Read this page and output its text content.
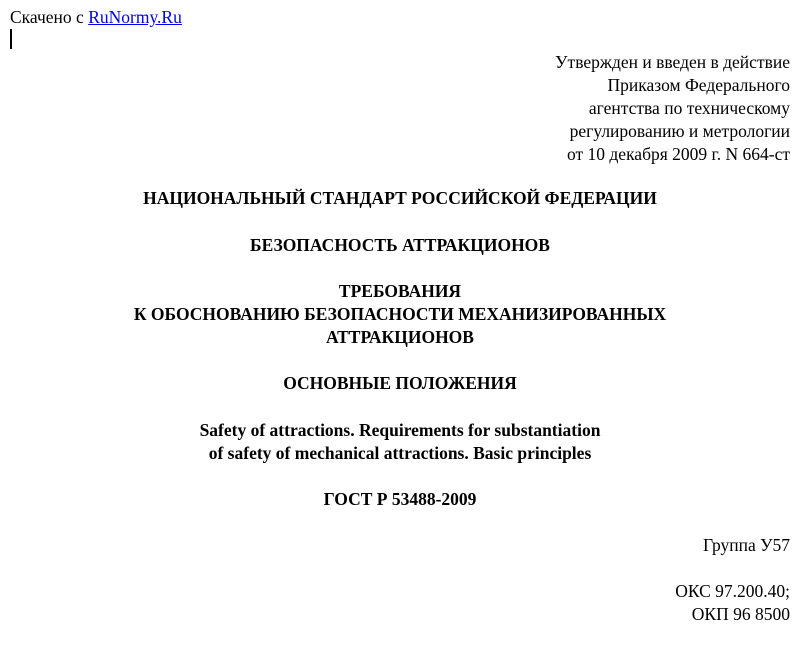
Скачено с RuNormy.Ru
Утвержден и введен в действие
Приказом Федерального
агентства по техническому
регулированию и метрологии
от 10 декабря 2009 г. N 664-ст
НАЦИОНАЛЬНЫЙ СТАНДАРТ РОССИЙСКОЙ ФЕДЕРАЦИИ
БЕЗОПАСНОСТЬ АТТРАКЦИОНОВ
ТРЕБОВАНИЯ
К ОБОСНОВАНИЮ БЕЗОПАСНОСТИ МЕХАНИЗИРОВАННЫХ
АТТРАКЦИОНОВ
ОСНОВНЫЕ ПОЛОЖЕНИЯ
Safety of attractions. Requirements for substantiation
of safety of mechanical attractions. Basic principles
ГОСТ Р 53488-2009
Группа У57
ОКС 97.200.40;
ОКП 96 8500
